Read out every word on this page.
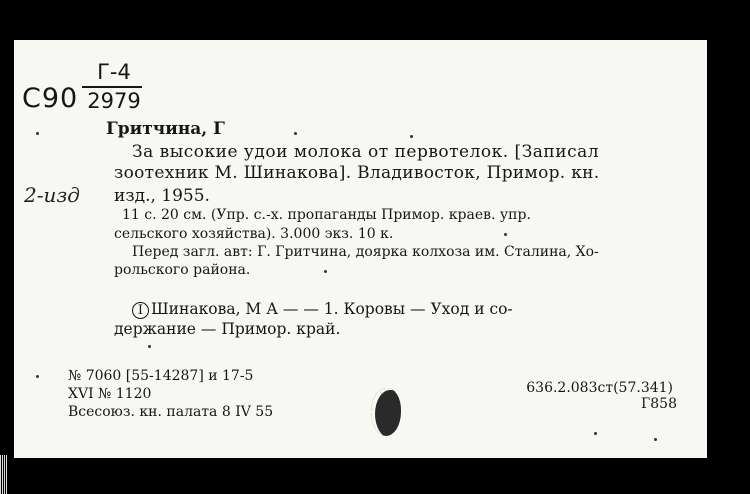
С90
Г-4
2979
2-изд
Гритчина, Г
За высокие удои молока от первотелок. [Записал
зоотехник М. Шинакова]. Владивосток, Примор. кн.
изд., 1955.
11 с. 20 см. (Упр. с.-х. пропаганды Примор. краев. упр.
сельского хозяйства). 3.000 экз. 10 к.
Перед загл. авт: Г. Гритчина, доярка колхоза им. Сталина, Хо-
рольского района.
I Шинакова, М А — — 1. Коровы — Уход и со-
держание — Примор. край.
№ 7060 [55-14287] и 17-5
XVI № 1120
Всесоюз. кн. палата 8 IV 55
636.2.083ст(57.341)
Г858
